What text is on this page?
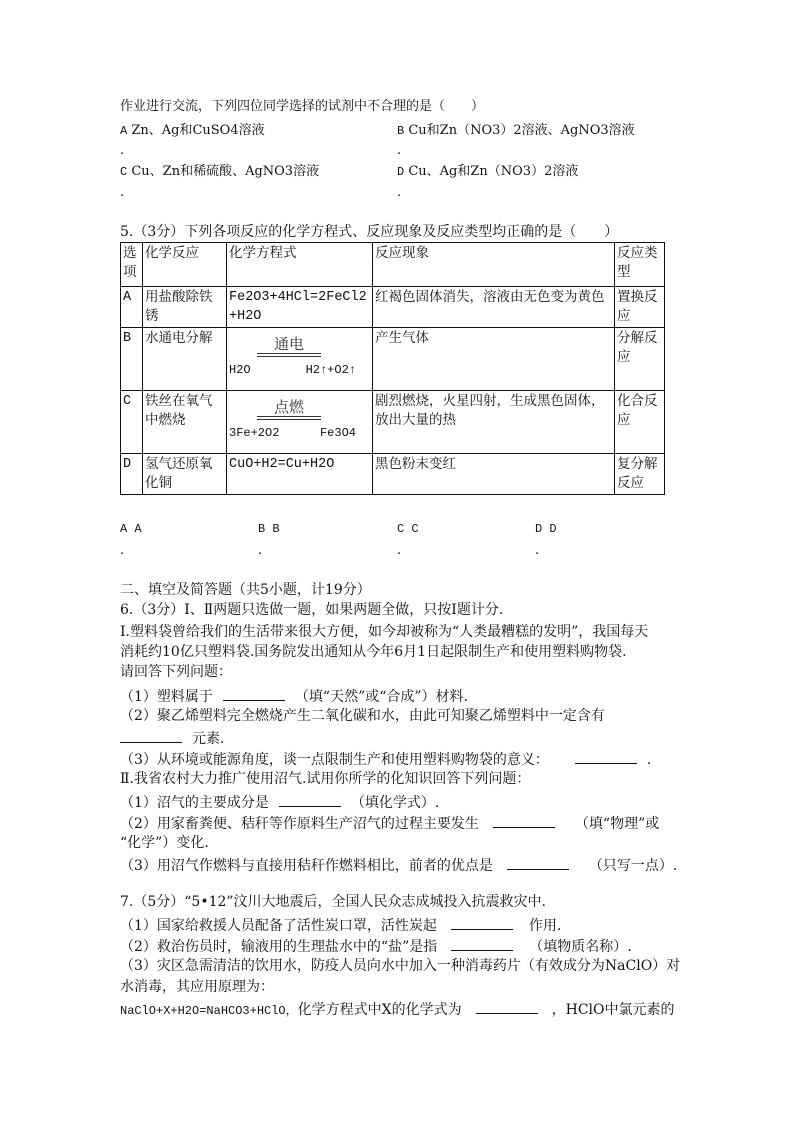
作业进行交流，下列四位同学选择的试剂中不合理的是（　　）
A Zn、Ag和CuSO4溶液
.
B Cu和Zn（NO3）2溶液、AgNO3溶液
.
C Cu、Zn和稀硫酸、AgNO3溶液
.
D Cu、Ag和Zn（NO3）2溶液
.
5.（3分）下列各项反应的化学方程式、反应现象及反应类型均正确的是（　　）
选项	化学反应	化学方程式	反应现象	反应类型
A	用盐酸除铁锈	Fe2O3+4HCl=2FeCl2+H2O	红褐色固体消失，溶液由无色变为黄色	置换反应
B	水通电分解	通电
H2O H2↑+O2↑	产生气体	分解反应
C	铁丝在氧气中燃烧	点燃
3Fe+2O2 Fe3O4	剧烈燃烧，火星四射，生成黑色固体，放出大量的热	化合反应
D	氢气还原氧化铜	CuO+H2=Cu+H2O	黑色粉末变红	复分解反应
A A
.
B B
.
C C
.
D D
.
二、填空及简答题（共5小题，计19分）
6.（3分）Ⅰ、Ⅱ两题只选做一题，如果两题全做，只按Ⅰ题计分.
Ⅰ.塑料袋曾给我们的生活带来很大方便，如今却被称为“人类最糟糕的发明”，我国每天
消耗约10亿只塑料袋.国务院发出通知从今年6月1日起限制生产和使用塑料购物袋.
请回答下列问题：
（1）塑料属于	（填“天然”或“合成”）材料.
（2）聚乙烯塑料完全燃烧产生二氧化碳和水，由此可知聚乙烯塑料中一定含有
元素.
（3）从环境或能源角度，谈一点限制生产和使用塑料购物袋的意义：	.
Ⅱ.我省农村大力推广使用沼气.试用你所学的化知识回答下列问题：
（1）沼气的主要成分是	（填化学式）.
（2）用家畜粪便、秸秆等作原料生产沼气的过程主要发生	（填“物理”或
“化学”）变化.
（3）用沼气作燃料与直接用秸秆作燃料相比，前者的优点是	（只写一点）.
7.（5分）“5•12”汶川大地震后，全国人民众志成城投入抗震救灾中.
（1）国家给救援人员配备了活性炭口罩，活性炭起	作用.
（2）救治伤员时，输液用的生理盐水中的“盐”是指	（填物质名称）.
（3）灾区急需清洁的饮用水，防疫人员向水中加入一种消毒药片（有效成分为NaClO）对
水消毒，其应用原理为：
NaClO+X+H2O=NaHCO3+HClO，化学方程式中X的化学式为	，HClO中氯元素的
